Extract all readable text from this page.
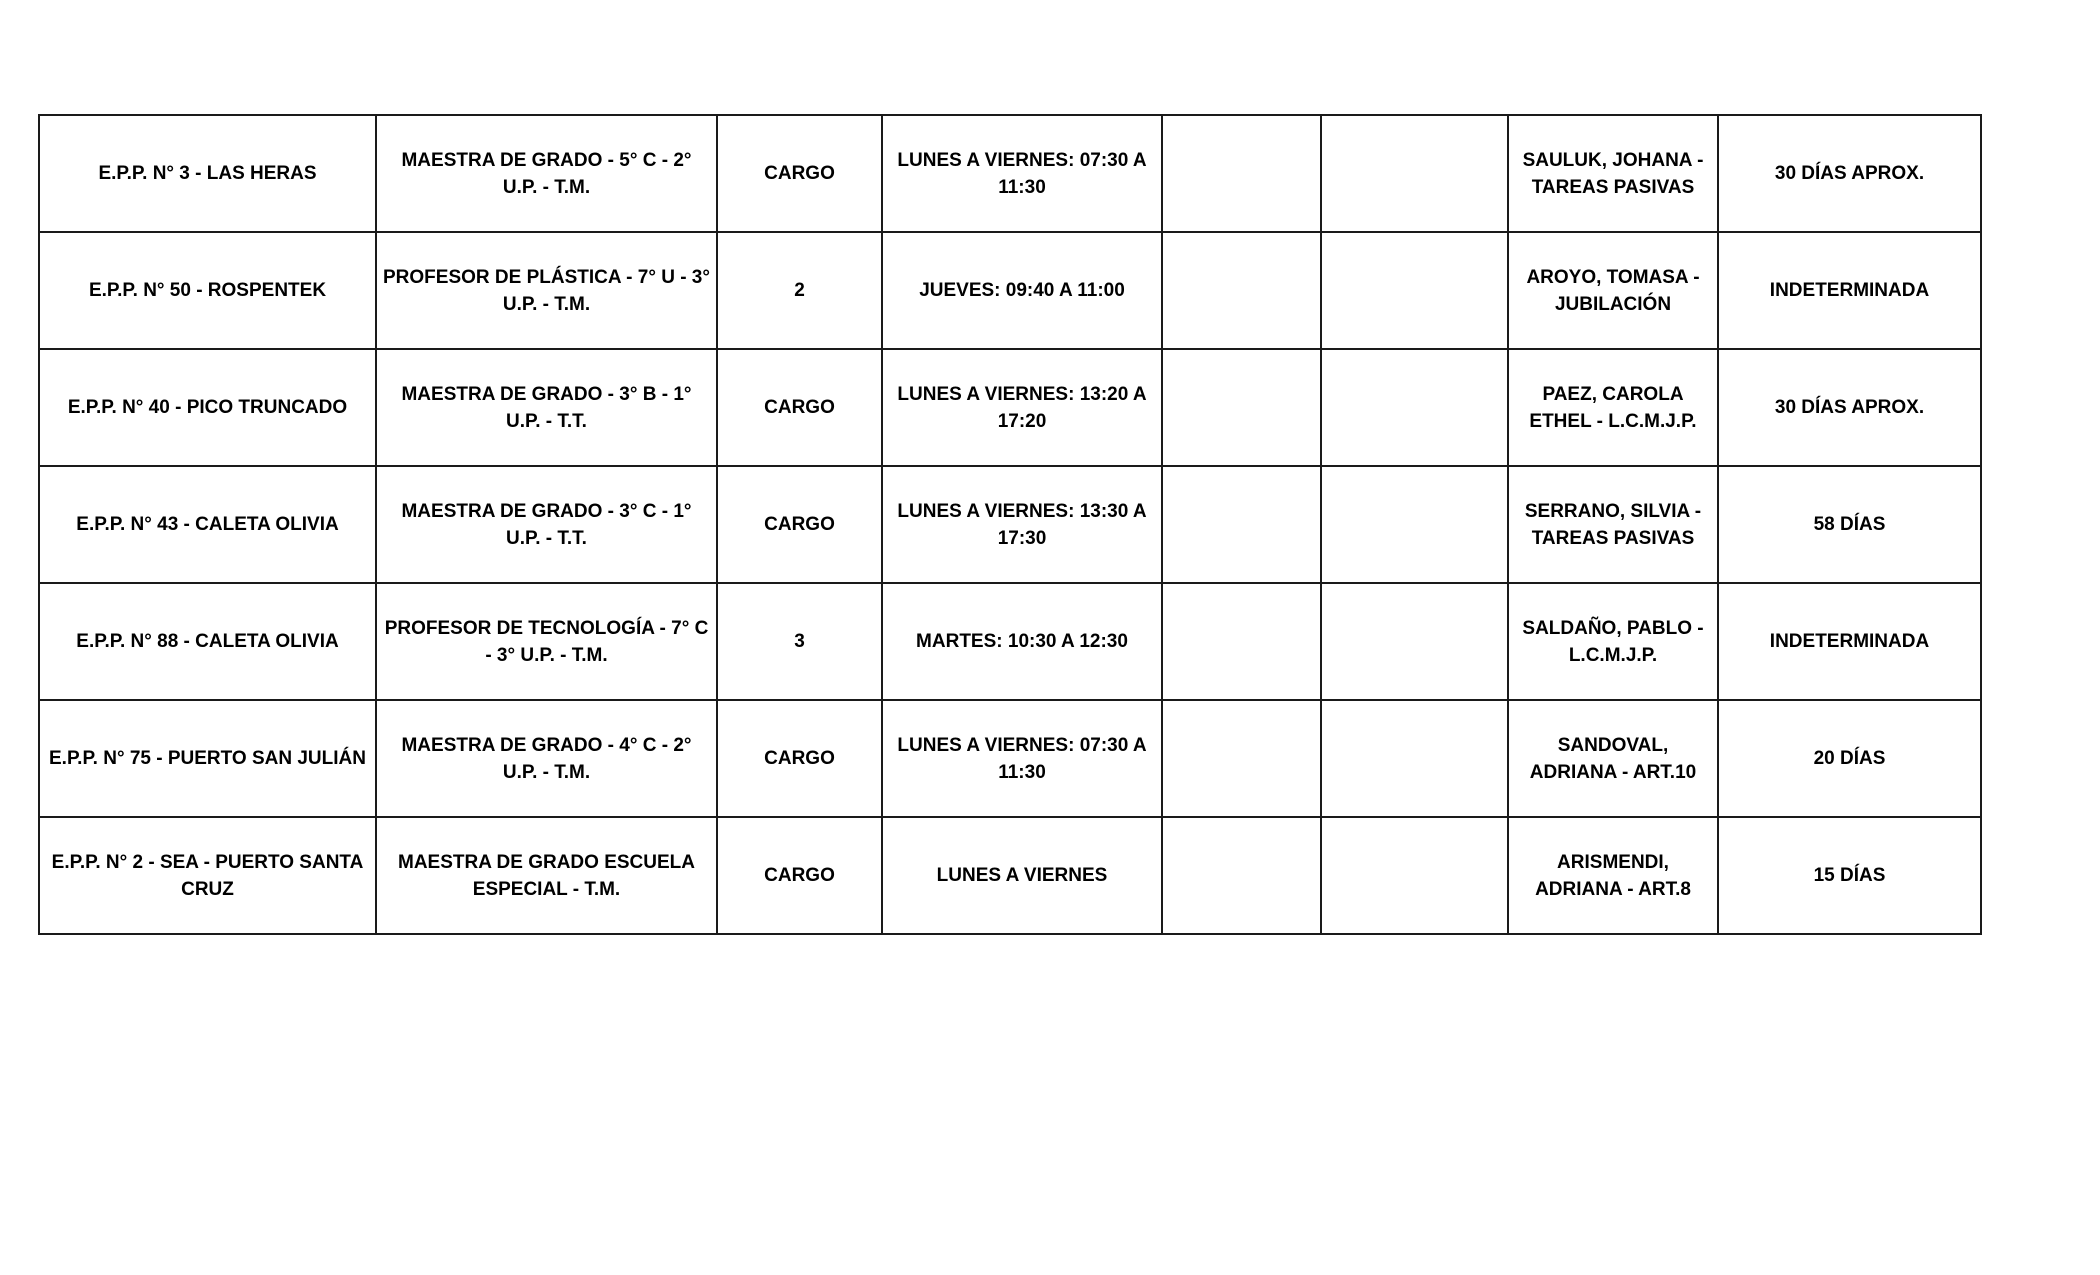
E.P.P. N° 3 - LAS HERAS	MAESTRA DE GRADO - 5° C - 2° U.P. - T.M.	CARGO	LUNES A VIERNES: 07:30 A 11:30			SAULUK, JOHANA - TAREAS PASIVAS	30 DÍAS APROX.
E.P.P. N° 50 - ROSPENTEK	PROFESOR DE PLÁSTICA - 7° U - 3° U.P. - T.M.	2	JUEVES: 09:40 A 11:00			AROYO, TOMASA - JUBILACIÓN	INDETERMINADA
E.P.P. N° 40 - PICO TRUNCADO	MAESTRA DE GRADO - 3° B - 1° U.P. - T.T.	CARGO	LUNES A VIERNES: 13:20 A 17:20			PAEZ, CAROLA ETHEL - L.C.M.J.P.	30 DÍAS APROX.
E.P.P. N° 43 - CALETA OLIVIA	MAESTRA DE GRADO - 3° C - 1° U.P. - T.T.	CARGO	LUNES A VIERNES: 13:30 A 17:30			SERRANO, SILVIA - TAREAS PASIVAS	58 DÍAS
E.P.P. N° 88 - CALETA OLIVIA	PROFESOR DE TECNOLOGÍA - 7° C - 3° U.P. - T.M.	3	MARTES: 10:30 A 12:30			SALDAÑO, PABLO - L.C.M.J.P.	INDETERMINADA
E.P.P. N° 75 - PUERTO SAN JULIÁN	MAESTRA DE GRADO - 4° C - 2° U.P. - T.M.	CARGO	LUNES A VIERNES: 07:30 A 11:30			SANDOVAL, ADRIANA - ART.10	20 DÍAS
E.P.P. N° 2 - SEA - PUERTO SANTA CRUZ	MAESTRA DE GRADO ESCUELA ESPECIAL - T.M.	CARGO	LUNES A VIERNES			ARISMENDI, ADRIANA - ART.8	15 DÍAS
